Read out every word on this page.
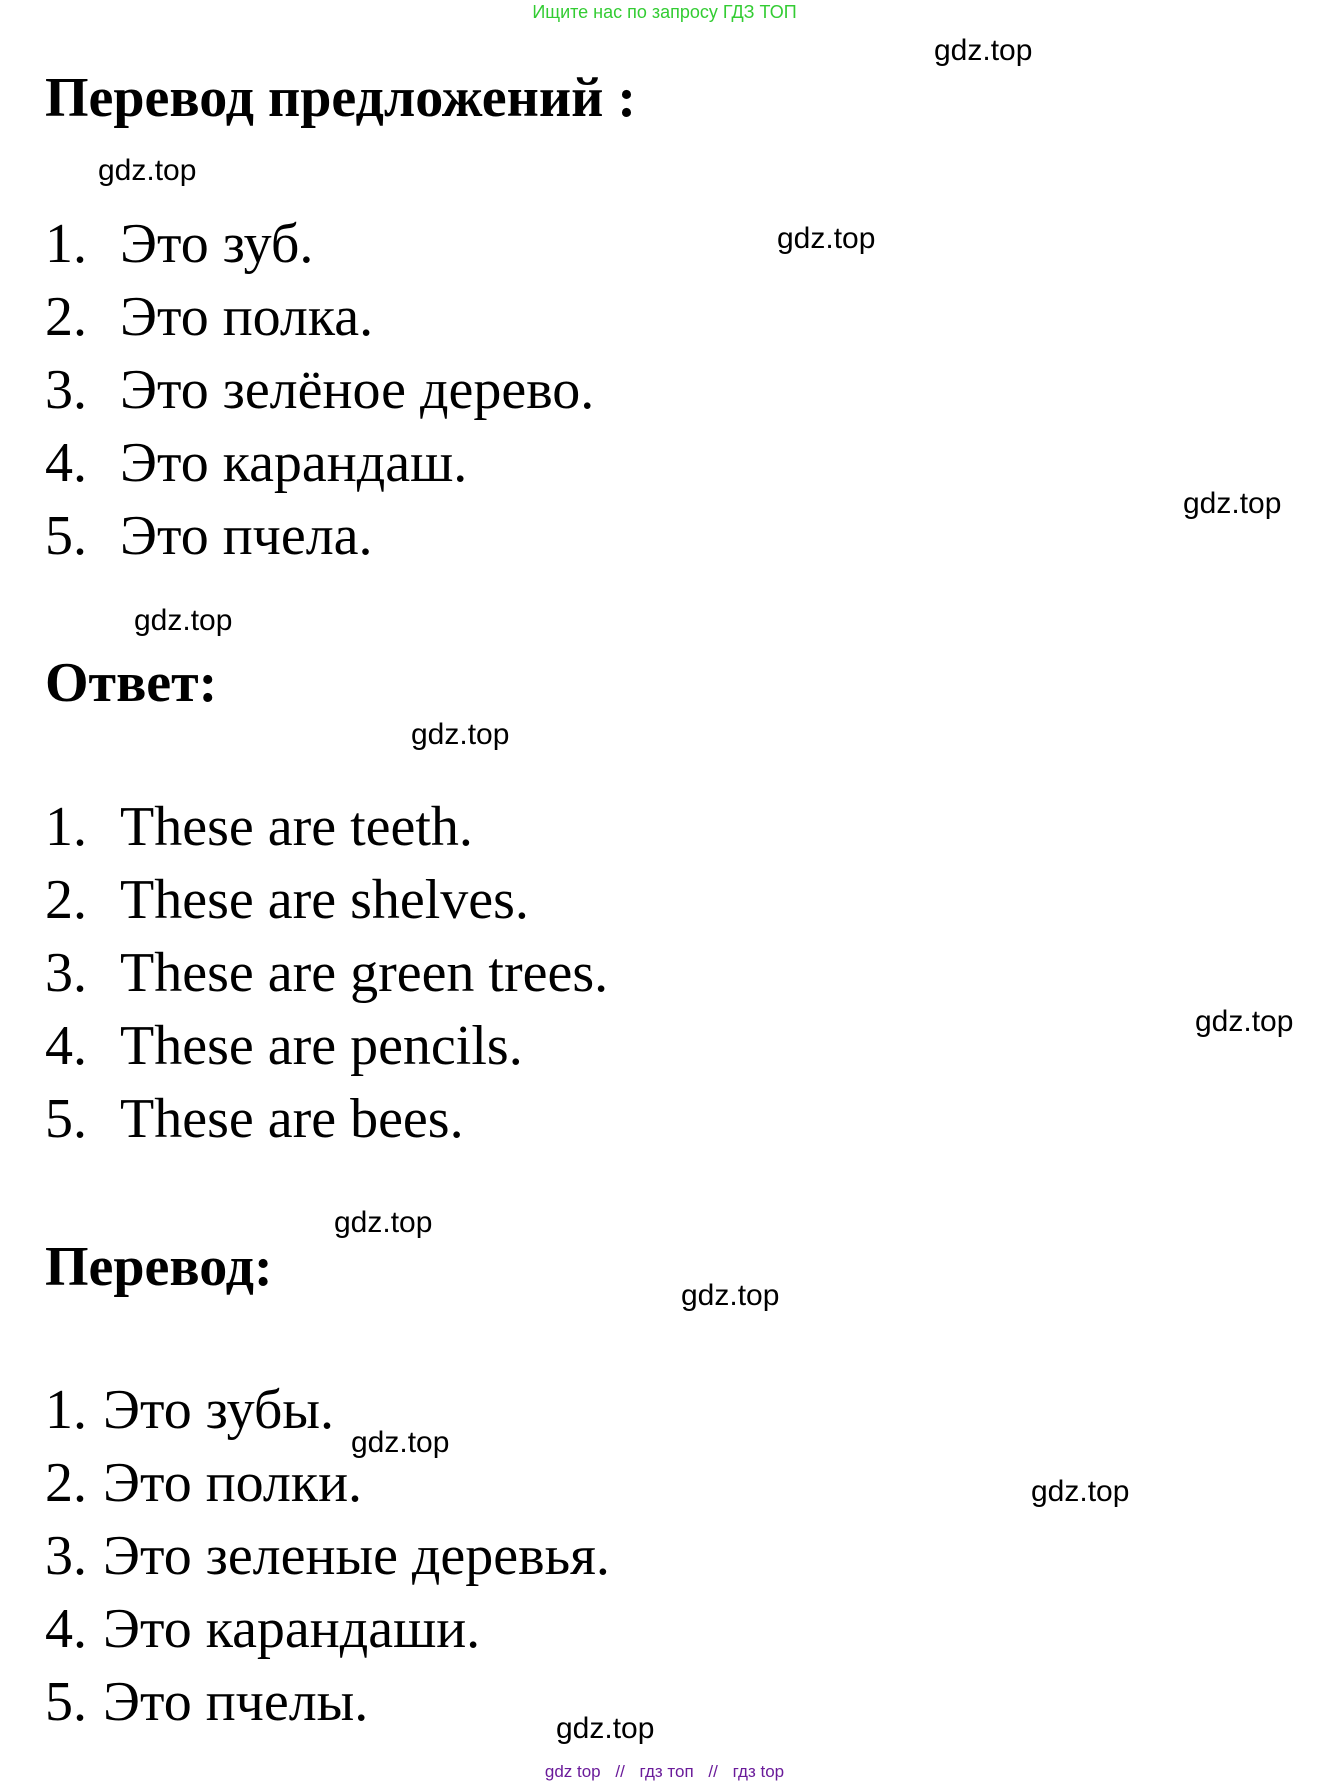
Ищите нас по запросу ГДЗ ТОП
Перевод предложений :
1. Это зуб.
2. Это полка.
3. Это зелёное дерево.
4. Это карандаш.
5. Это пчела.
Ответ:
1. These are teeth.
2. These are shelves.
3. These are green trees.
4. These are pencils.
5. These are bees.
Перевод:
1. Это зубы.
2. Это полки.
3. Это зеленые деревья.
4. Это карандаши.
5. Это пчелы.
gdz.top
gdz.top
gdz.top
gdz.top
gdz.top
gdz.top
gdz.top
gdz.top
gdz.top
gdz.top
gdz.top
gdz.top
gdz top // гдз топ // гдз top
